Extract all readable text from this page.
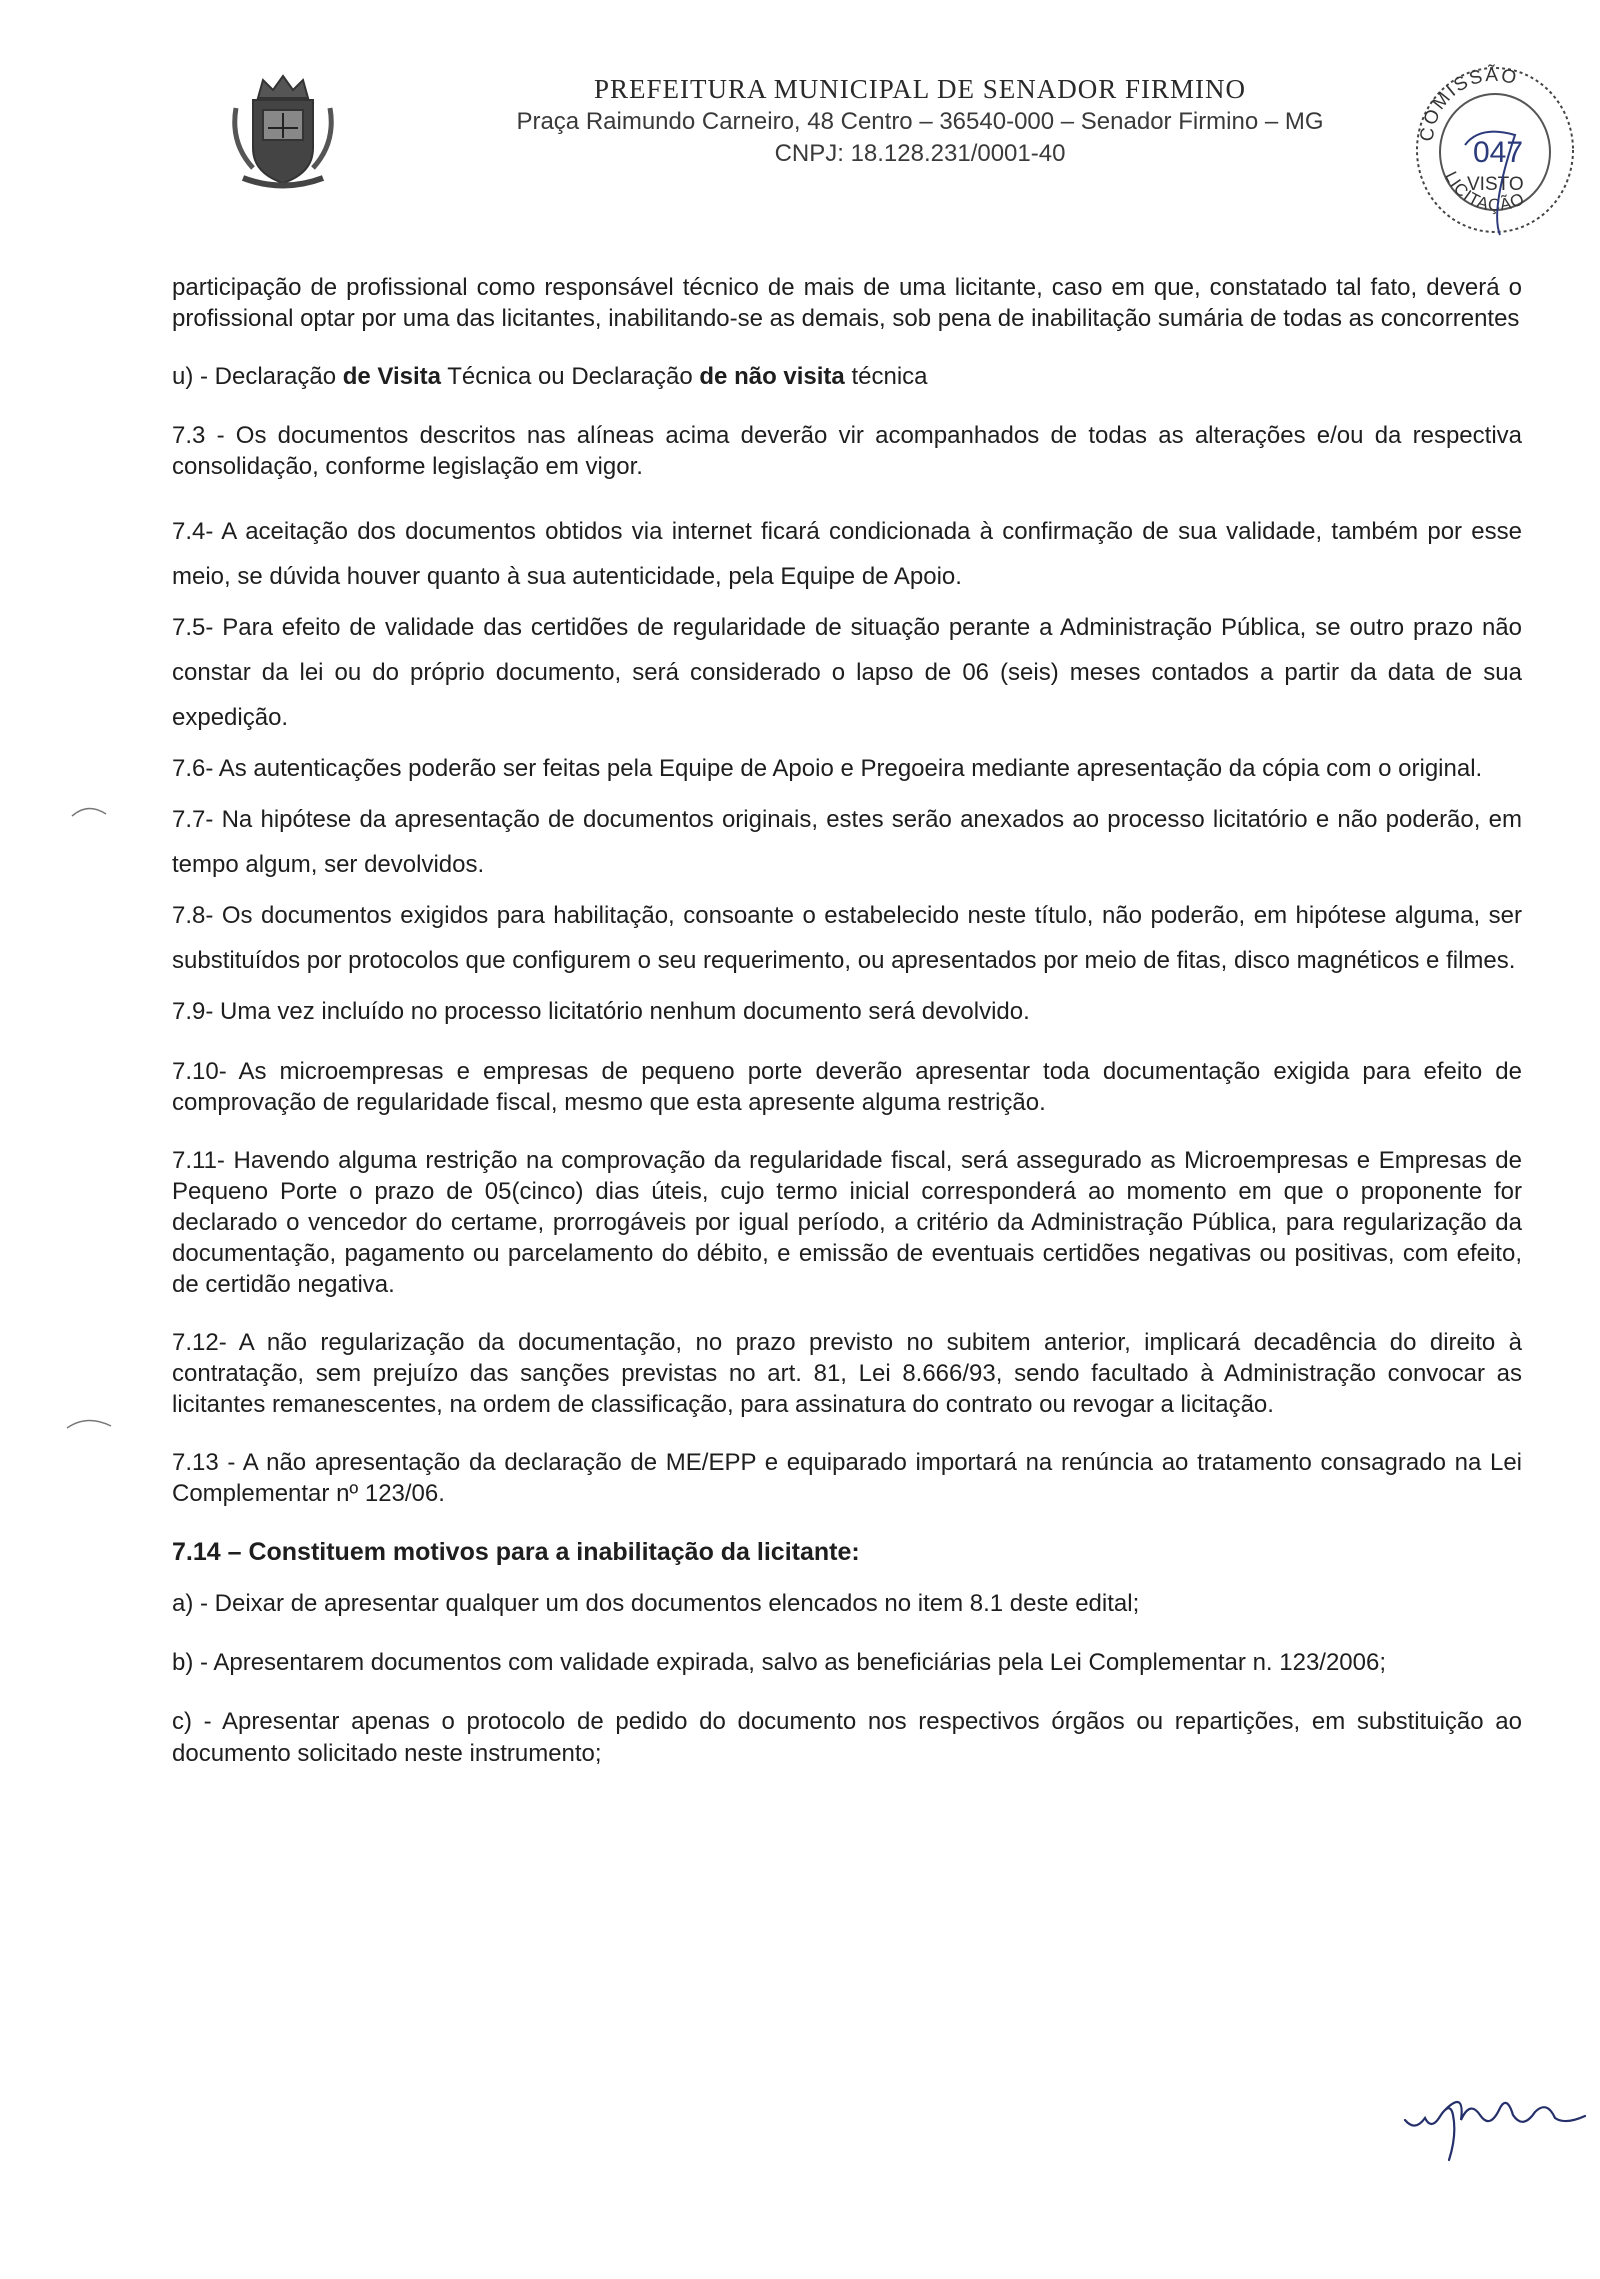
PREFEITURA MUNICIPAL DE SENADOR FIRMINO
Praça Raimundo Carneiro, 48 Centro – 36540-000 – Senador Firmino – MG
CNPJ: 18.128.231/0001-40
COMISSÃO
047
VISTO
LICITAÇÃO

participação de profissional como responsável técnico de mais de uma licitante, caso em que, constatado tal fato, deverá o profissional optar por uma das licitantes, inabilitando-se as demais, sob pena de inabilitação sumária de todas as concorrentes

u) - Declaração de Visita Técnica ou Declaração de não visita técnica

7.3 - Os documentos descritos nas alíneas acima deverão vir acompanhados de todas as alterações e/ou da respectiva consolidação, conforme legislação em vigor.

7.4- A aceitação dos documentos obtidos via internet ficará condicionada à confirmação de sua validade, também por esse meio, se dúvida houver quanto à sua autenticidade, pela Equipe de Apoio.

7.5- Para efeito de validade das certidões de regularidade de situação perante a Administração Pública, se outro prazo não constar da lei ou do próprio documento, será considerado o lapso de 06 (seis) meses contados a partir da data de sua expedição.

7.6- As autenticações poderão ser feitas pela Equipe de Apoio e Pregoeira mediante apresentação da cópia com o original.

7.7- Na hipótese da apresentação de documentos originais, estes serão anexados ao processo licitatório e não poderão, em tempo algum, ser devolvidos.

7.8- Os documentos exigidos para habilitação, consoante o estabelecido neste título, não poderão, em hipótese alguma, ser substituídos por protocolos que configurem o seu requerimento, ou apresentados por meio de fitas, disco magnéticos e filmes.

7.9- Uma vez incluído no processo licitatório nenhum documento será devolvido.

7.10- As microempresas e empresas de pequeno porte deverão apresentar toda documentação exigida para efeito de comprovação de regularidade fiscal, mesmo que esta apresente alguma restrição.

7.11- Havendo alguma restrição na comprovação da regularidade fiscal, será assegurado as Microempresas e Empresas de Pequeno Porte o prazo de 05(cinco) dias úteis, cujo termo inicial corresponderá ao momento em que o proponente for declarado o vencedor do certame, prorrogáveis por igual período, a critério da Administração Pública, para regularização da documentação, pagamento ou parcelamento do débito, e emissão de eventuais certidões negativas ou positivas, com efeito, de certidão negativa.

7.12- A não regularização da documentação, no prazo previsto no subitem anterior, implicará decadência do direito à contratação, sem prejuízo das sanções previstas no art. 81, Lei 8.666/93, sendo facultado à Administração convocar as licitantes remanescentes, na ordem de classificação, para assinatura do contrato ou revogar a licitação.

7.13 - A não apresentação da declaração de ME/EPP e equiparado importará na renúncia ao tratamento consagrado na Lei Complementar nº 123/06.

7.14 – Constituem motivos para a inabilitação da licitante:

a) - Deixar de apresentar qualquer um dos documentos elencados no item 8.1 deste edital;

b) - Apresentarem documentos com validade expirada, salvo as beneficiárias pela Lei Complementar n. 123/2006;

c) - Apresentar apenas o protocolo de pedido do documento nos respectivos órgãos ou repartições, em substituição ao documento solicitado neste instrumento;
